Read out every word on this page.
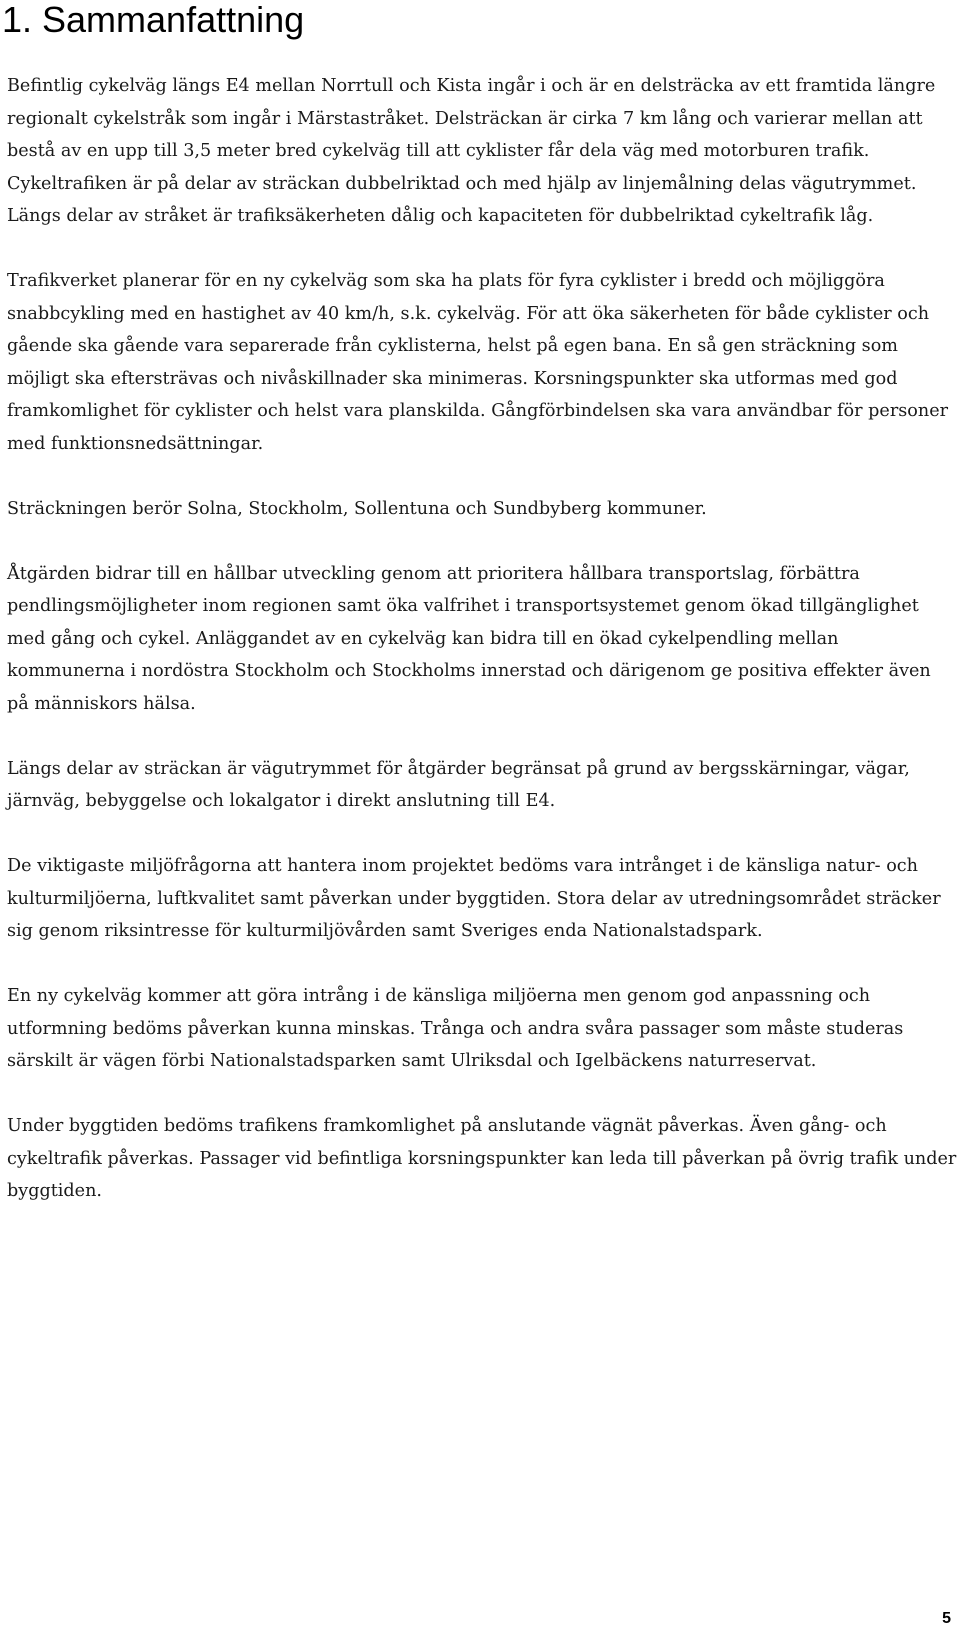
1. Sammanfattning

Befintlig cykelväg längs E4 mellan Norrtull och Kista ingår i och är en delsträcka av ett framtida längre regionalt cykelstråk som ingår i Märstastråket. Delsträckan är cirka 7 km lång och varierar mellan att bestå av en upp till 3,5 meter bred cykelväg till att cyklister får dela väg med motorburen trafik. Cykeltrafiken är på delar av sträckan dubbelriktad och med hjälp av linjemålning delas vägutrymmet. Längs delar av stråket är trafiksäkerheten dålig och kapaciteten för dubbelriktad cykeltrafik låg.

Trafikverket planerar för en ny cykelväg som ska ha plats för fyra cyklister i bredd och möjliggöra snabbcykling med en hastighet av 40 km/h, s.k. cykelväg. För att öka säkerheten för både cyklister och gående ska gående vara separerade från cyklisterna, helst på egen bana. En så gen sträckning som möjligt ska eftersträvas och nivåskillnader ska minimeras. Korsningspunkter ska utformas med god framkomlighet för cyklister och helst vara planskilda. Gångförbindelsen ska vara användbar för personer med funktionsnedsättningar.

Sträckningen berör Solna, Stockholm, Sollentuna och Sundbyberg kommuner.

Åtgärden bidrar till en hållbar utveckling genom att prioritera hållbara transportslag, förbättra pendlingsmöjligheter inom regionen samt öka valfrihet i transportsystemet genom ökad tillgänglighet med gång och cykel. Anläggandet av en cykelväg kan bidra till en ökad cykelpendling mellan kommunerna i nordöstra Stockholm och Stockholms innerstad och därigenom ge positiva effekter även på människors hälsa.

Längs delar av sträckan är vägutrymmet för åtgärder begränsat på grund av bergsskärningar, vägar, järnväg, bebyggelse och lokalgator i direkt anslutning till E4.

De viktigaste miljöfrågorna att hantera inom projektet bedöms vara intrånget i de känsliga natur- och kulturmiljöerna, luftkvalitet samt påverkan under byggtiden. Stora delar av utredningsområdet sträcker sig genom riksintresse för kulturmiljövården samt Sveriges enda Nationalstadspark.

En ny cykelväg kommer att göra intrång i de känsliga miljöerna men genom god anpassning och utformning bedöms påverkan kunna minskas. Trånga och andra svåra passager som måste studeras särskilt är vägen förbi Nationalstadsparken samt Ulriksdal och Igelbäckens naturreservat.

Under byggtiden bedöms trafikens framkomlighet på anslutande vägnät påverkas. Även gång- och cykeltrafik påverkas. Passager vid befintliga korsningspunkter kan leda till påverkan på övrig trafik under byggtiden.

5
